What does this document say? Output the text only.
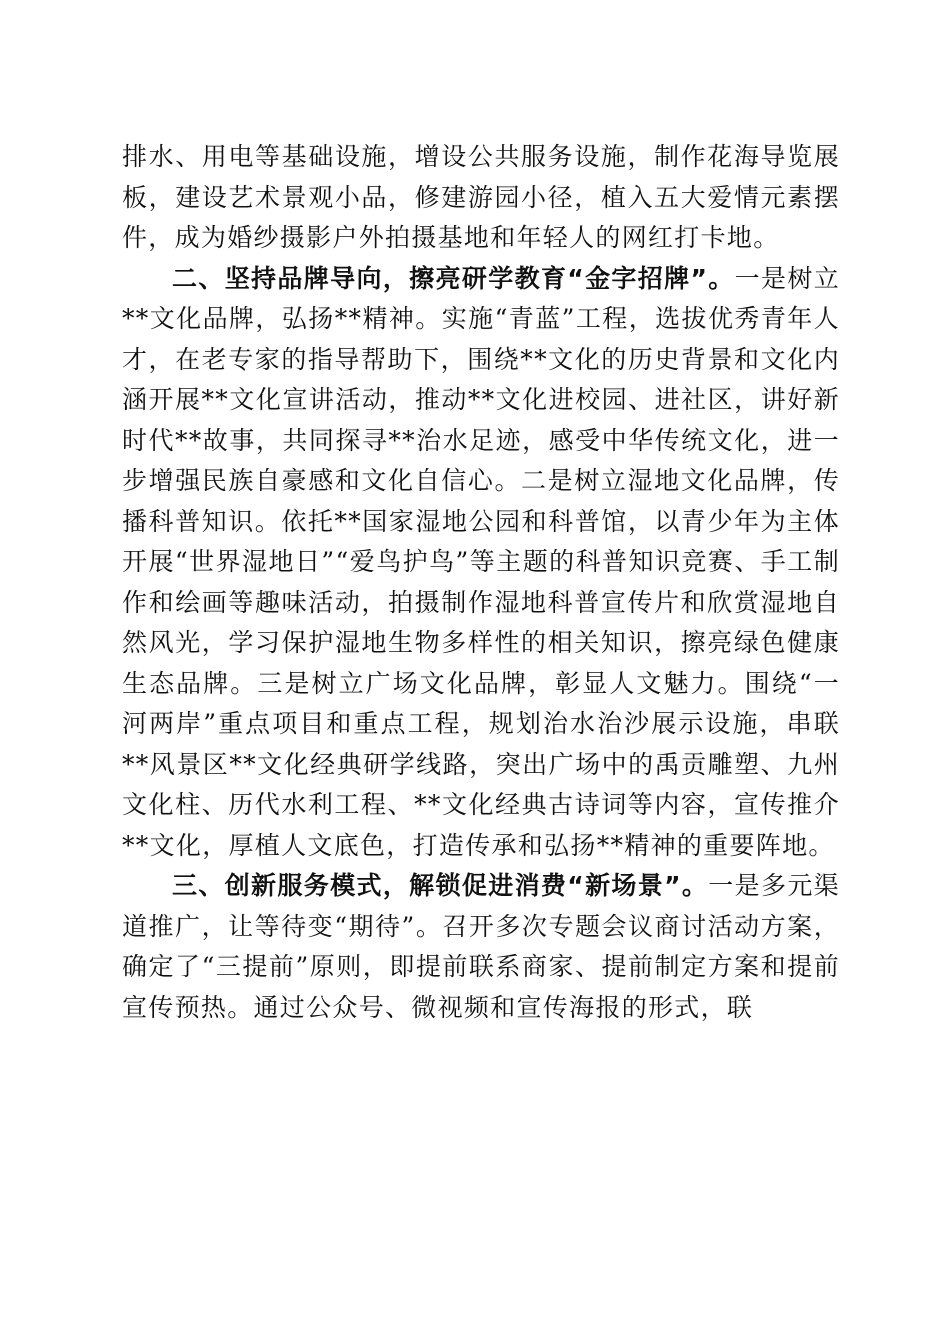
排水、用电等基础设施，增设公共服务设施，制作花海导览展板，建设艺术景观小品，修建游园小径，植入五大爱情元素摆件，成为婚纱摄影户外拍摄基地和年轻人的网红打卡地。

二、坚持品牌导向，擦亮研学教育“金字招牌”。一是树立**文化品牌，弘扬**精神。实施“青蓝”工程，选拔优秀青年人才，在老专家的指导帮助下，围绕**文化的历史背景和文化内涵开展**文化宣讲活动，推动**文化进校园、进社区，讲好新时代**故事，共同探寻**治水足迹，感受中华传统文化，进一步增强民族自豪感和文化自信心。二是树立湿地文化品牌，传播科普知识。依托**国家湿地公园和科普馆，以青少年为主体开展“世界湿地日”“爱鸟护鸟”等主题的科普知识竞赛、手工制作和绘画等趣味活动，拍摄制作湿地科普宣传片和欣赏湿地自然风光，学习保护湿地生物多样性的相关知识，擦亮绿色健康生态品牌。三是树立广场文化品牌，彰显人文魅力。围绕“一河两岸”重点项目和重点工程，规划治水治沙展示设施，串联**风景区**文化经典研学线路，突出广场中的禹贡雕塑、九州文化柱、历代水利工程、**文化经典古诗词等内容，宣传推介**文化，厚植人文底色，打造传承和弘扬**精神的重要阵地。

三、创新服务模式，解锁促进消费“新场景”。一是多元渠道推广，让等待变“期待”。召开多次专题会议商讨活动方案，确定了“三提前”原则，即提前联系商家、提前制定方案和提前宣传预热。通过公众号、微视频和宣传海报的形式，联
